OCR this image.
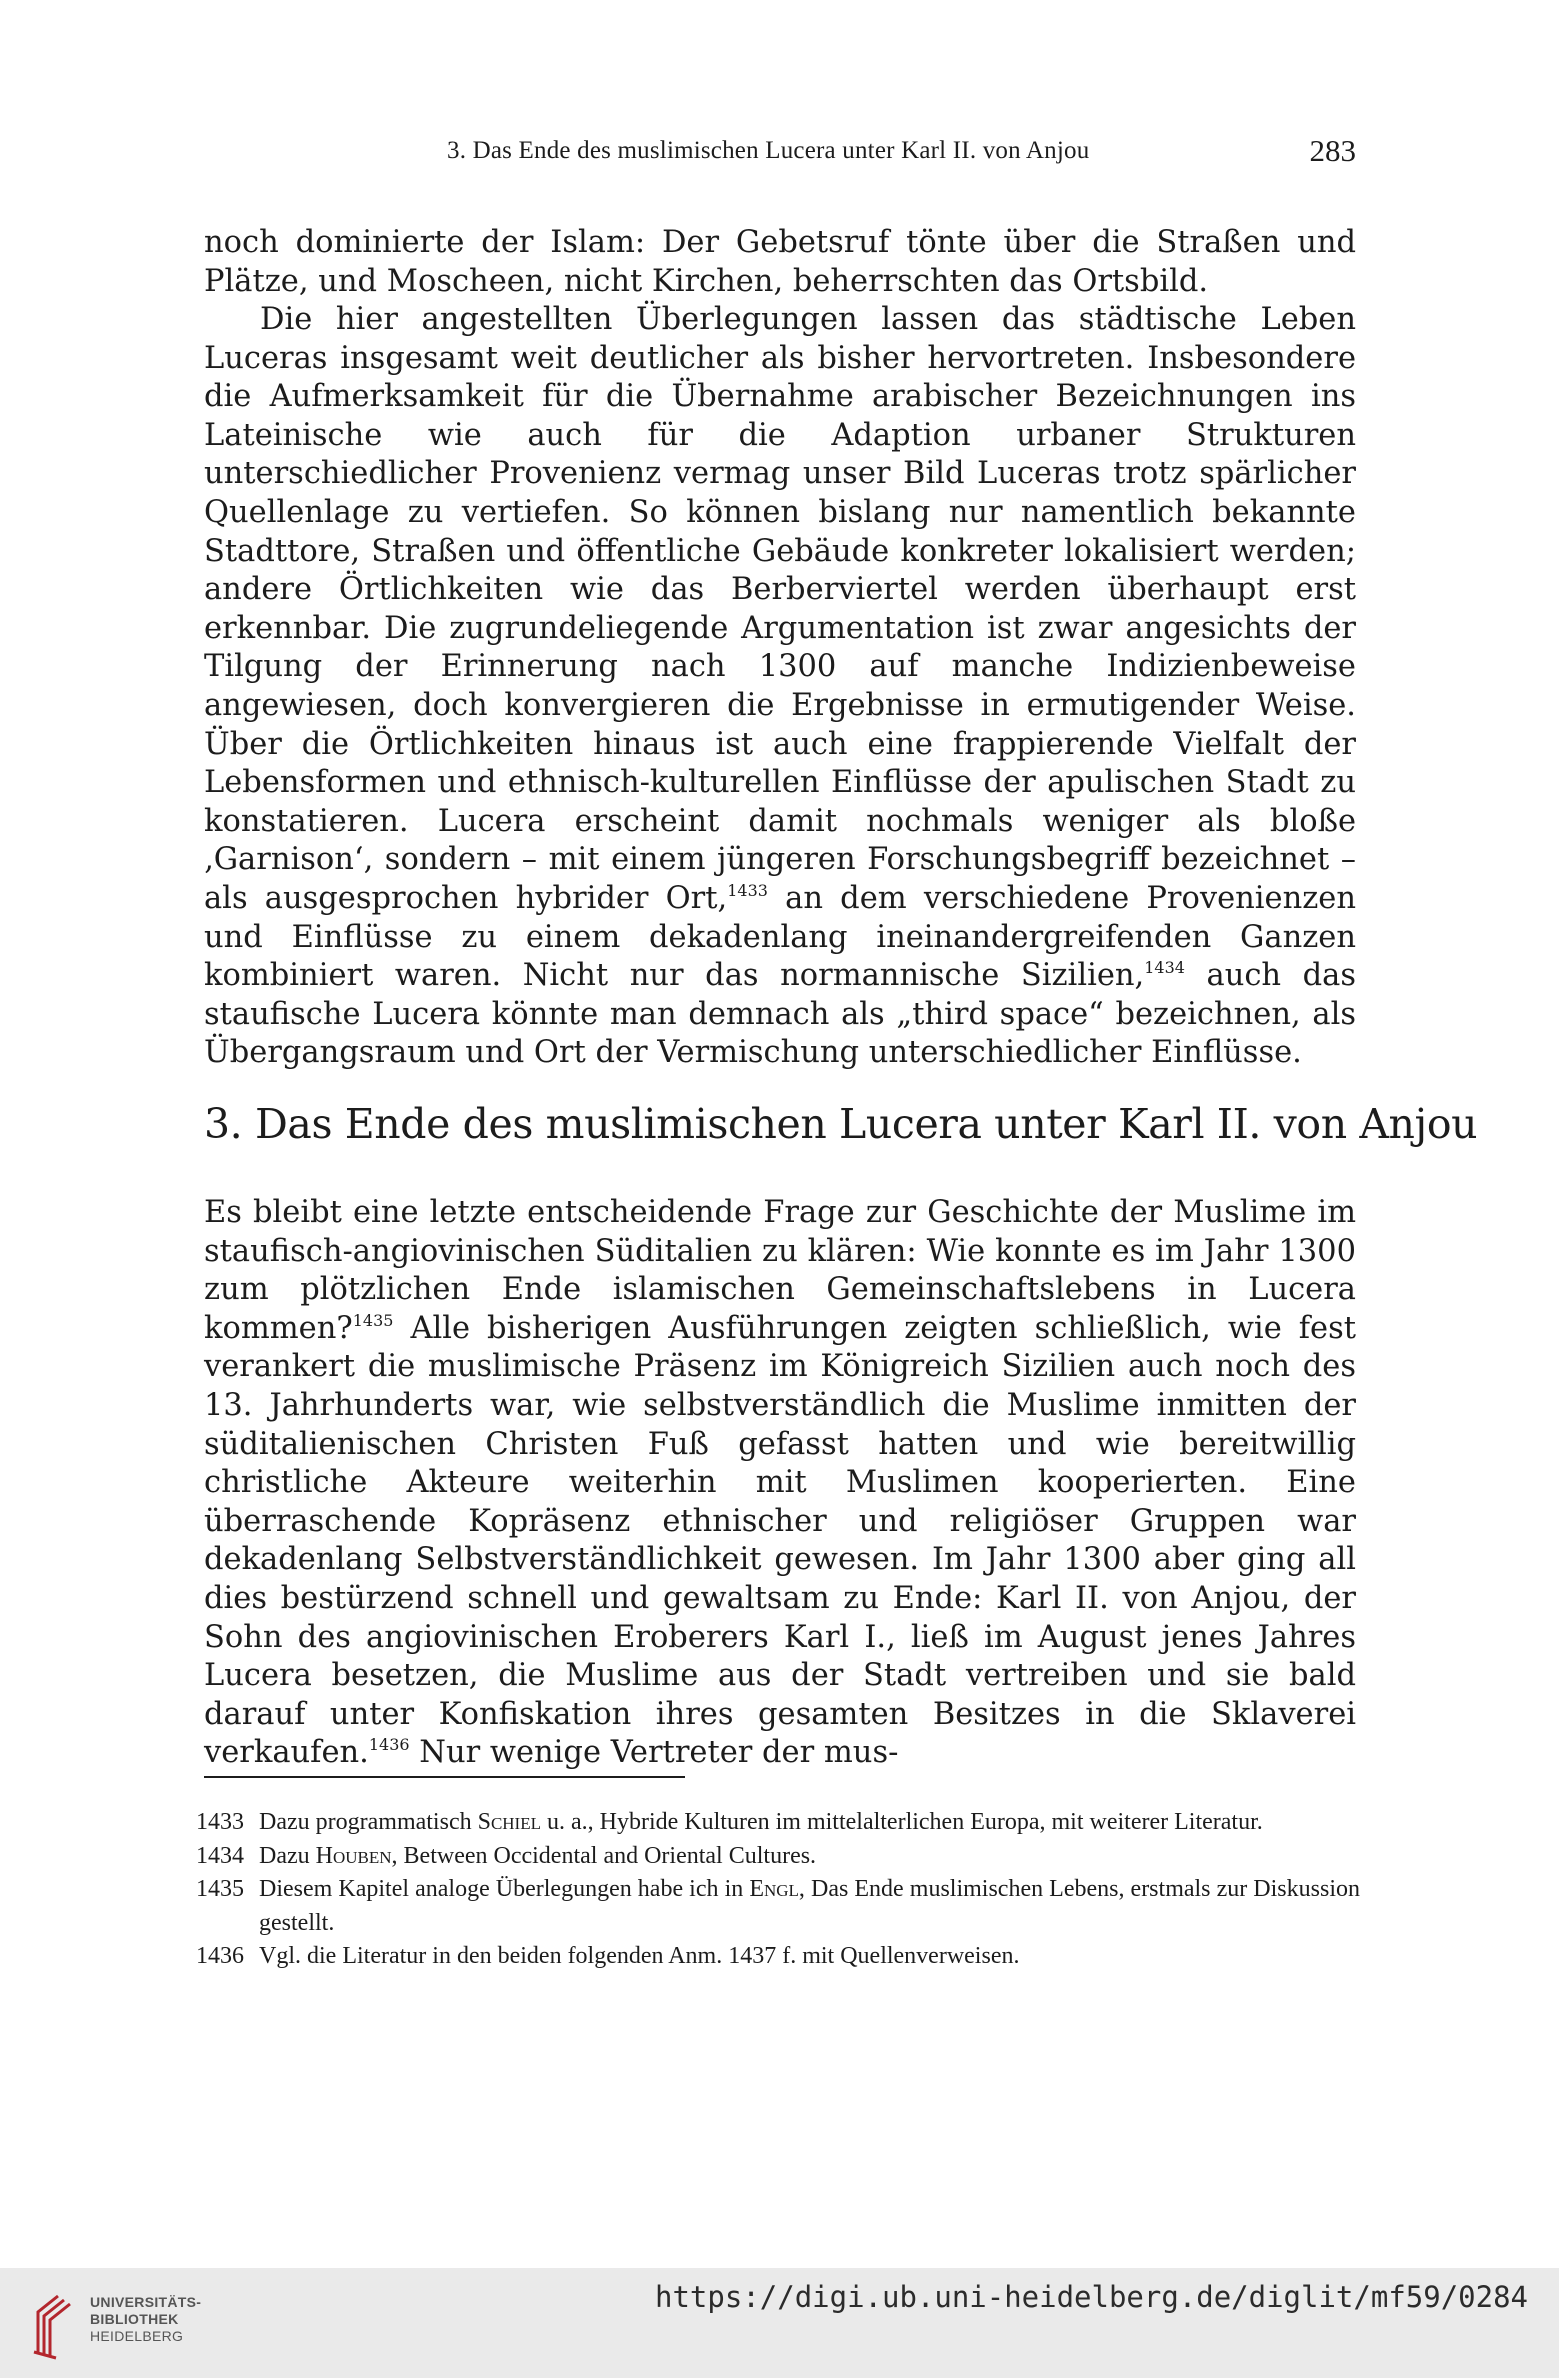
3. Das Ende des muslimischen Lucera unter Karl II. von Anjou	283

noch dominierte der Islam: Der Gebetsruf tönte über die Straßen und Plätze, und Moscheen, nicht Kirchen, beherrschten das Ortsbild.

Die hier angestellten Überlegungen lassen das städtische Leben Luceras insgesamt weit deutlicher als bisher hervortreten. Insbesondere die Aufmerksamkeit für die Übernahme arabischer Bezeichnungen ins Lateinische wie auch für die Adaption urbaner Strukturen unterschiedlicher Provenienz vermag unser Bild Luceras trotz spärlicher Quellenlage zu vertiefen. So können bislang nur namentlich bekannte Stadttore, Straßen und öffentliche Gebäude konkreter lokalisiert werden; andere Örtlichkeiten wie das Berberviertel werden überhaupt erst erkennbar. Die zugrundeliegende Argumentation ist zwar angesichts der Tilgung der Erinnerung nach 1300 auf manche Indizienbeweise angewiesen, doch konvergieren die Ergebnisse in ermutigender Weise. Über die Örtlichkeiten hinaus ist auch eine frappierende Vielfalt der Lebensformen und ethnisch-kulturellen Einflüsse der apulischen Stadt zu konstatieren. Lucera erscheint damit nochmals weniger als bloße ‚Garnison‘, sondern – mit einem jüngeren Forschungsbegriff bezeichnet – als ausgesprochen hybrider Ort,$^{1433}$ an dem verschiedene Provenienzen und Einflüsse zu einem dekadenlang ineinandergreifenden Ganzen kombiniert waren. Nicht nur das normannische Sizilien,$^{1434}$ auch das staufische Lucera könnte man demnach als „third space“ bezeichnen, als Übergangsraum und Ort der Vermischung unterschiedlicher Einflüsse.

3. Das Ende des muslimischen Lucera unter Karl II. von Anjou

Es bleibt eine letzte entscheidende Frage zur Geschichte der Muslime im staufisch-angiovinischen Süditalien zu klären: Wie konnte es im Jahr 1300 zum plötzlichen Ende islamischen Gemeinschaftslebens in Lucera kommen?$^{1435}$ Alle bisherigen Ausführungen zeigten schließlich, wie fest verankert die muslimische Präsenz im Königreich Sizilien auch noch des 13. Jahrhunderts war, wie selbstverständlich die Muslime inmitten der süditalienischen Christen Fuß gefasst hatten und wie bereitwillig christliche Akteure weiterhin mit Muslimen kooperierten. Eine überraschende Kopräsenz ethnischer und religiöser Gruppen war dekadenlang Selbstverständlichkeit gewesen. Im Jahr 1300 aber ging all dies bestürzend schnell und gewaltsam zu Ende: Karl II. von Anjou, der Sohn des angiovinischen Eroberers Karl I., ließ im August jenes Jahres Lucera besetzen, die Muslime aus der Stadt vertreiben und sie bald darauf unter Konfiskation ihres gesamten Besitzes in die Sklaverei verkaufen.$^{1436}$ Nur wenige Vertreter der mus-

1433 Dazu programmatisch Schiel u. a., Hybride Kulturen im mittelalterlichen Europa, mit weiterer Literatur.
1434 Dazu Houben, Between Occidental and Oriental Cultures.
1435 Diesem Kapitel analoge Überlegungen habe ich in Engl, Das Ende muslimischen Lebens, erstmals zur Diskussion gestellt.
1436 Vgl. die Literatur in den beiden folgenden Anm. 1437 f. mit Quellenverweisen.
UNIVERSITÄTS-
BIBLIOTHEK
HEIDELBERG
https://digi.ub.uni-heidelberg.de/diglit/mf59/0284
